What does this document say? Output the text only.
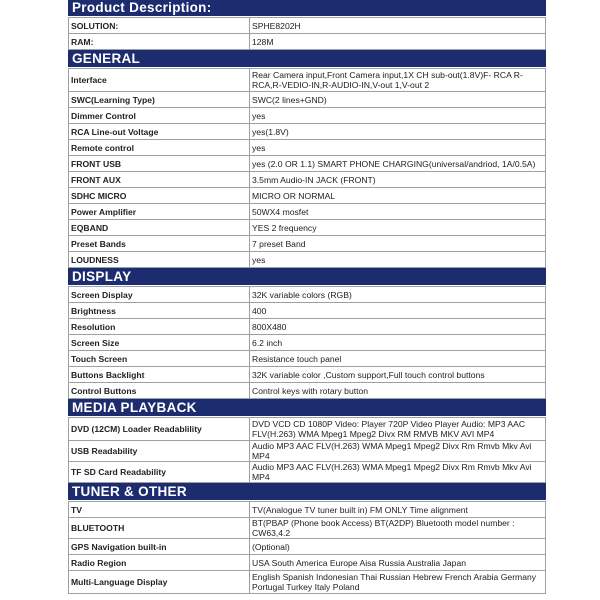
Product Description:
SOLUTION:	SPHE8202H
RAM:	128M
GENERAL
Interface	Rear Camera input,Front Camera input,1X CH sub-out(1.8V)F- RCA R- RCA,R-VEDIO-IN,R-AUDIO-IN,V-out 1,V-out 2
SWC(Learning Type)	SWC(2 lines+GND)
Dimmer Control	yes
RCA Line-out Voltage	yes(1.8V)
Remote control	yes
FRONT USB	yes (2.0 OR 1.1) SMART PHONE CHARGING(universal/andriod, 1A/0.5A)
FRONT AUX	3.5mm Audio-IN JACK (FRONT)
SDHC MICRO	MICRO OR NORMAL
Power Amplifier	50WX4 mosfet
EQBAND	YES 2 frequency
Preset Bands	7 preset Band
LOUDNESS	yes
DISPLAY
Screen Display	32K variable colors (RGB)
Brightness	400
Resolution	800X480
Screen Size	6.2 inch
Touch Screen	Resistance touch panel
Buttons Backlight	32K variable color ,Custom support,Full touch control buttons
Control Buttons	Control keys with rotary button
MEDIA PLAYBACK
DVD (12CM) Loader Readablility	DVD VCD CD 1080P Video: Player 720P Video Player Audio: MP3 AAC FLV(H.263) WMA Mpeg1 Mpeg2 Divx RM RMVB MKV AVI MP4
USB Readability	Audio MP3 AAC FLV(H.263) WMA Mpeg1 Mpeg2 Divx Rm Rmvb Mkv Avi MP4
TF SD Card Readability	Audio MP3 AAC FLV(H.263) WMA Mpeg1 Mpeg2 Divx Rm Rmvb Mkv Avi MP4
TUNER & OTHER
TV	TV(Analogue TV tuner built in) FM ONLY Time alignment
BLUETOOTH	BT(PBAP (Phone book Access) BT(A2DP) Bluetooth model number : CW63,4.2
GPS Navigation built-in	(Optional)
Radio Region	USA South America Europe Aisa Russia Australia Japan
Multi-Language Display	English Spanish Indonesian Thai Russian Hebrew French Arabia Germany Portugal Turkey Italy Poland
